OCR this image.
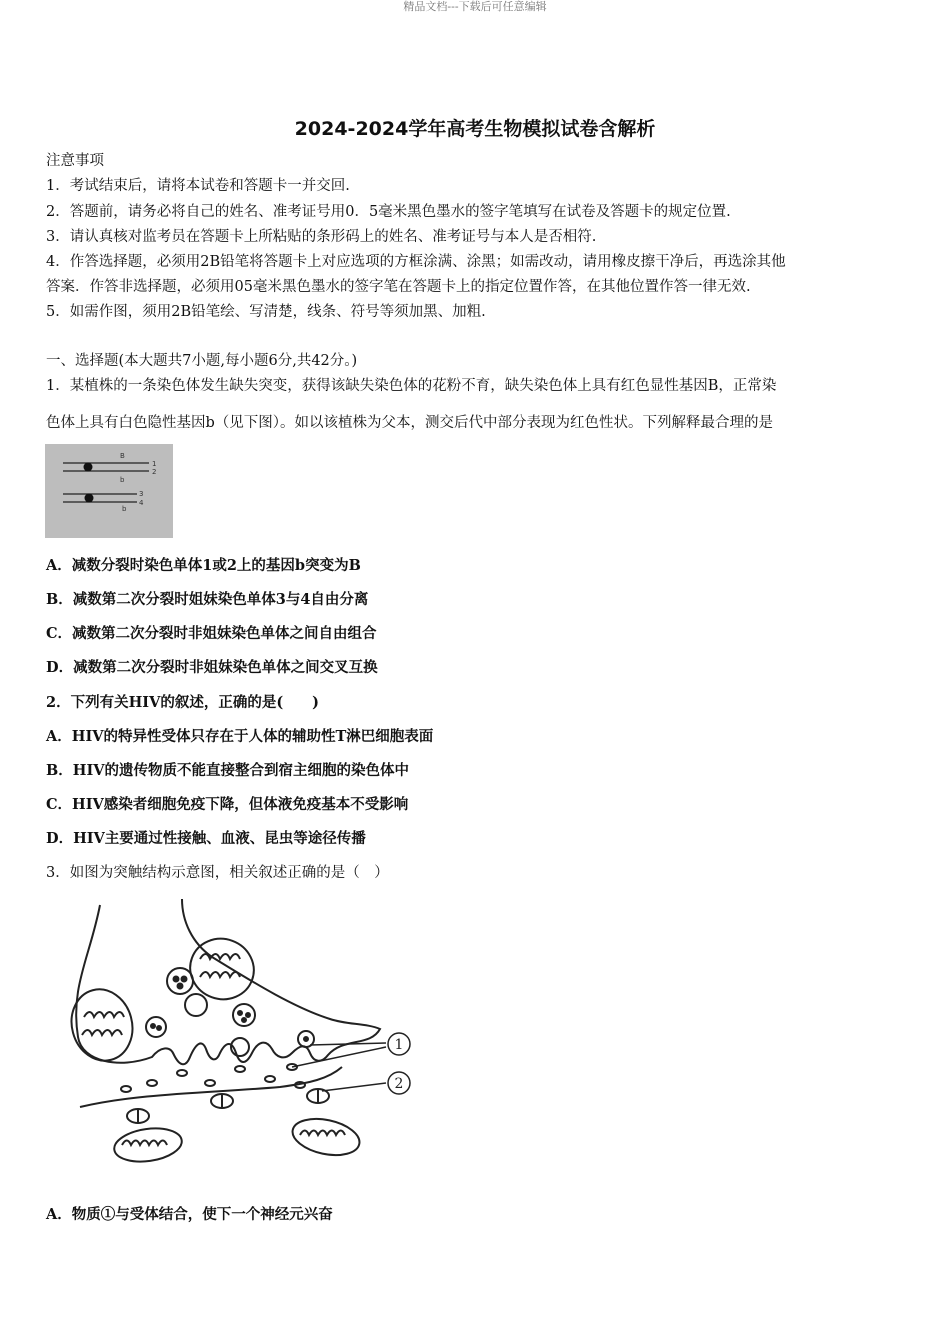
精品文档---下载后可任意编辑
2024-2024学年高考生物模拟试卷含解析
注意事项
1．考试结束后，请将本试卷和答题卡一并交回.
2．答题前，请务必将自己的姓名、准考证号用0．5毫米黑色墨水的签字笔填写在试卷及答题卡的规定位置.
3．请认真核对监考员在答题卡上所粘贴的条形码上的姓名、准考证号与本人是否相符.
4．作答选择题，必须用2B铅笔将答题卡上对应选项的方框涂满、涂黑；如需改动，请用橡皮擦干净后，再选涂其他
答案．作答非选择题，必须用05毫米黑色墨水的签字笔在答题卡上的指定位置作答，在其他位置作答一律无效.
5．如需作图，须用2B铅笔绘、写清楚，线条、符号等须加黑、加粗.
一、选择题(本大题共7小题,每小题6分,共42分。)
1．某植株的一条染色体发生缺失突变，获得该缺失染色体的花粉不育，缺失染色体上具有红色显性基因B，正常染
色体上具有白色隐性基因b（见下图）。如以该植株为父本，测交后代中部分表现为红色性状。下列解释最合理的是
1
2
B
b
3
4
b
A．减数分裂时染色单体1或2上的基因b突变为B
B．减数第二次分裂时姐妹染色单体3与4自由分离
C．减数第二次分裂时非姐妹染色单体之间自由组合
D．减数第二次分裂时非姐妹染色单体之间交叉互换
2．下列有关HIV的叙述，正确的是(　　)
A．HIV的特异性受体只存在于人体的辅助性T淋巴细胞表面
B．HIV的遗传物质不能直接整合到宿主细胞的染色体中
C．HIV感染者细胞免疫下降，但体液免疫基本不受影响
D．HIV主要通过性接触、血液、昆虫等途径传播
3．如图为突触结构示意图，相关叙述正确的是（　）
1
2
A．物质①与受体结合，使下一个神经元兴奋
